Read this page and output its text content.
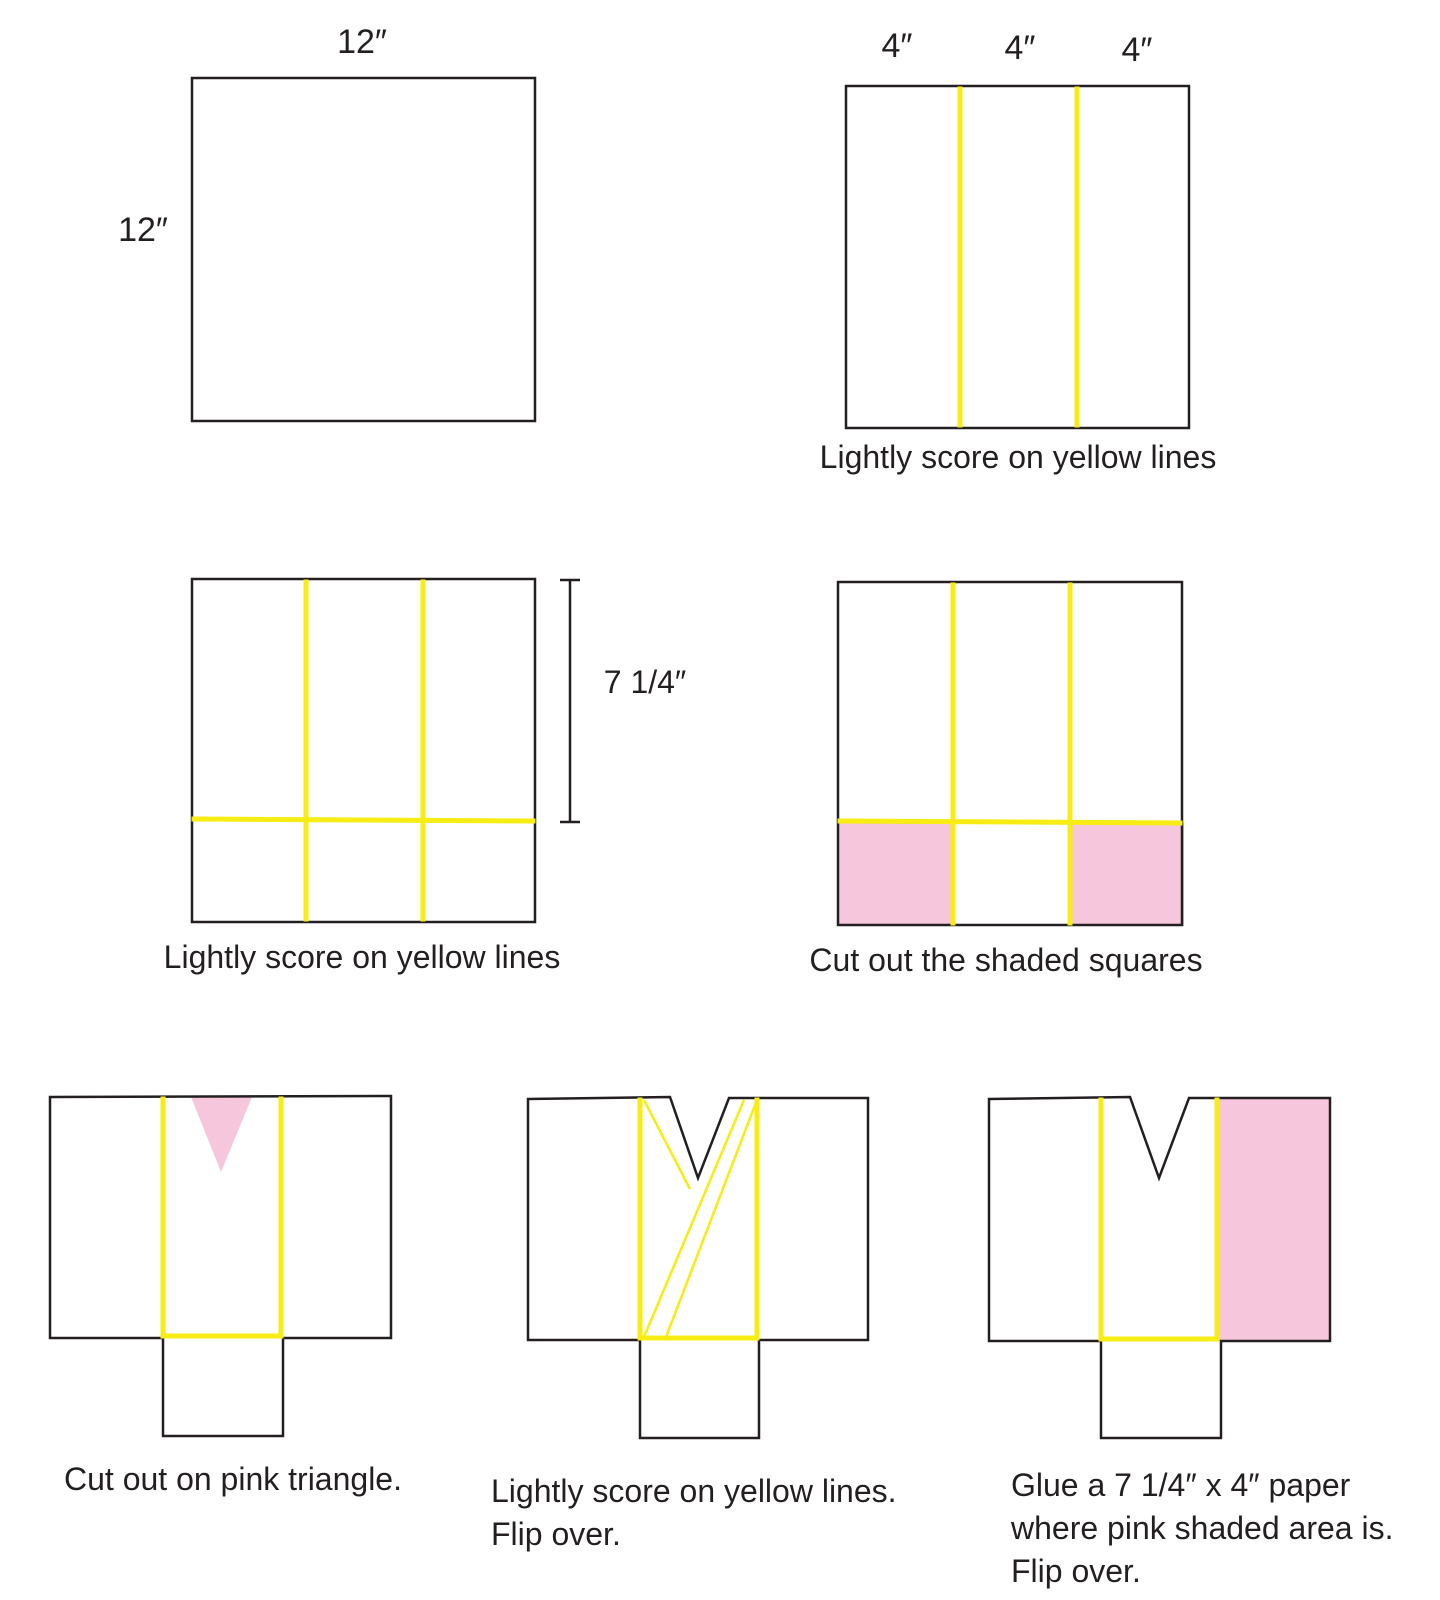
12″
12″
4″	4″	4″
Lightly score on yellow lines
7 1/4″
Lightly score on yellow lines	Cut out the shaded squares
Cut out on pink triangle.	Lightly score on yellow lines.
Flip over.
Glue a 7 1/4″ x 4″ paper
where pink shaded area is.
Flip over.
